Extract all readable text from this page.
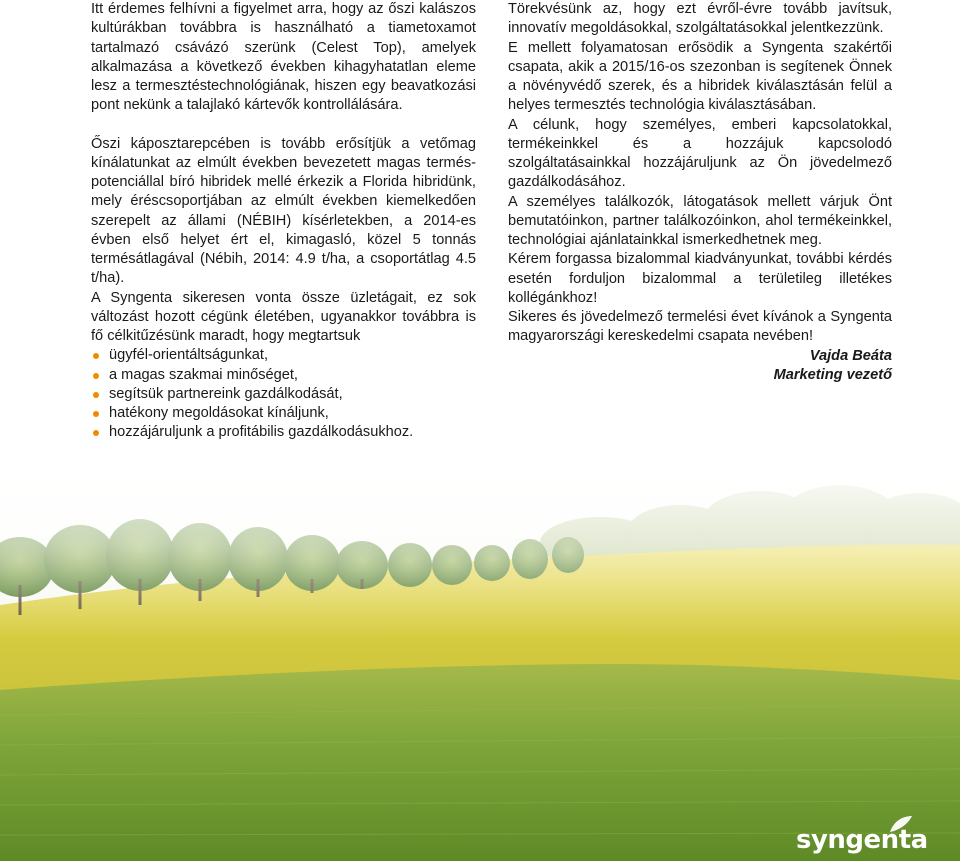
Itt érdemes felhívni a figyelmet arra, hogy az őszi kalászos kultúrákban továbbra is használható a tiametoxamot tartalmazó csávázó szerünk (Celest Top), amelyek alkalmazása a következő években kihagyhatatlan eleme lesz a termesztéstechnológiának, hiszen egy beavatkozási pont nekünk a talajlakó kártevők kontrollálására.

Őszi káposztarepcében is tovább erősítjük a vetőmag kínálatunkat az elmúlt években bevezetett magas termés-potenciállal bíró hibridek mellé érkezik a Florida hibridünk, mely éréscsoportjában az elmúlt években kiemelkedően szerepelt az állami (NÉBIH) kísérletekben, a 2014-es évben első helyet ért el, kimagasló, közel 5 tonnás termésátlagával (Nébih, 2014: 4.9 t/ha, a csoportátlag 4.5 t/ha).

A Syngenta sikeresen vonta össze üzletágait, ez sok változást hozott cégünk életében, ugyanakkor továbbra is fő célkitűzésünk maradt, hogy megtartsuk

ügyfél-orientáltságunkat,
a magas szakmai minőséget,
segítsük partnereink gazdálkodását,
hatékony megoldásokat kínáljunk,
hozzájáruljunk a profitábilis gazdálkodásukhoz.

Törekvésünk az, hogy ezt évről-évre tovább javítsuk, innovatív megoldásokkal, szolgáltatásokkal jelentkezzünk.

E mellett folyamatosan erősödik a Syngenta szakértői csapata, akik a 2015/16-os szezonban is segítenek Önnek a növényvédő szerek, és a hibridek kiválasztásán felül a helyes termesztés technológia kiválasztásában.

A célunk, hogy személyes, emberi kapcsolatokkal, termékeinkkel és a hozzájuk kapcsolodó szolgáltatásainkkal hozzájáruljunk az Ön jövedelmező gazdálkodásához.

A személyes találkozók, látogatások mellett várjuk Önt bemutatóinkon, partner találkozóinkon, ahol termékeinkkel, technológiai ajánlatainkkal ismerkedhetnek meg.

Kérem forgassa bizalommal kiadványunkat, további kérdés esetén forduljon bizalommal a területileg illetékes kollégánkhoz!

Sikeres és jövedelmező termelési évet kívánok a Syngenta magyarországi kereskedelmi csapata nevében!

Vajda Beáta
Marketing vezető
syngenta
